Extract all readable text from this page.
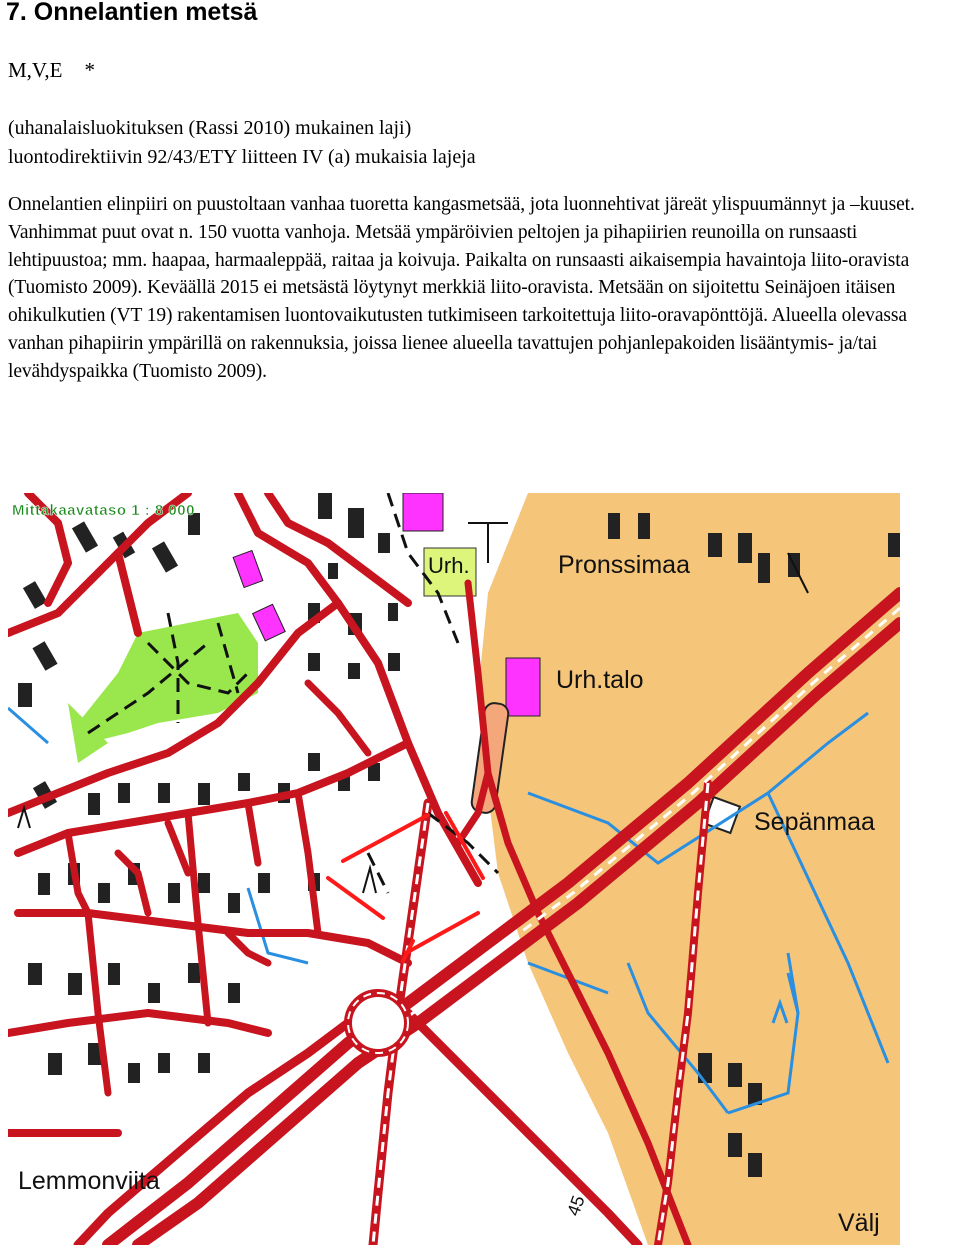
7. Onnelantien metsä
M,V,E *
(uhanalaisluokituksen (Rassi 2010) mukainen laji)
luontodirektiivin 92/43/ETY liitteen IV (a) mukaisia lajeja

Onnelantien elinpiiri on puustoltaan vanhaa tuoretta kangasmetsää, jota luonnehtivat järeät ylispuumännyt ja –kuuset. Vanhimmat puut ovat n. 150 vuotta vanhoja. Metsää ympäröivien peltojen ja pihapiirien reunoilla on runsaasti lehtipuustoa; mm. haapaa, harmaaleppää, raitaa ja koivuja. Paikalta on runsaasti aikaisempia havaintoja liito-oravista (Tuomisto 2009). Keväällä 2015 ei metsästä löytynyt merkkiä liito-oravista. Metsään on sijoitettu Seinäjoen itäisen ohikulkutien (VT 19) rakentamisen luontovaikutusten tutkimiseen tarkoitettuja liito-oravapönttöjä. Alueella olevassa vanhan pihapiirin ympärillä on rakennuksia, joissa lienee alueella tavattujen pohjanlepakoiden lisääntymis- ja/tai levähdyspaikka (Tuomisto 2009).

Mittakaavataso 1 : 8 000
Urh.	Pronssimaa
Urh.talo
Sepänmaa
Lemmonviita
Välj
45
